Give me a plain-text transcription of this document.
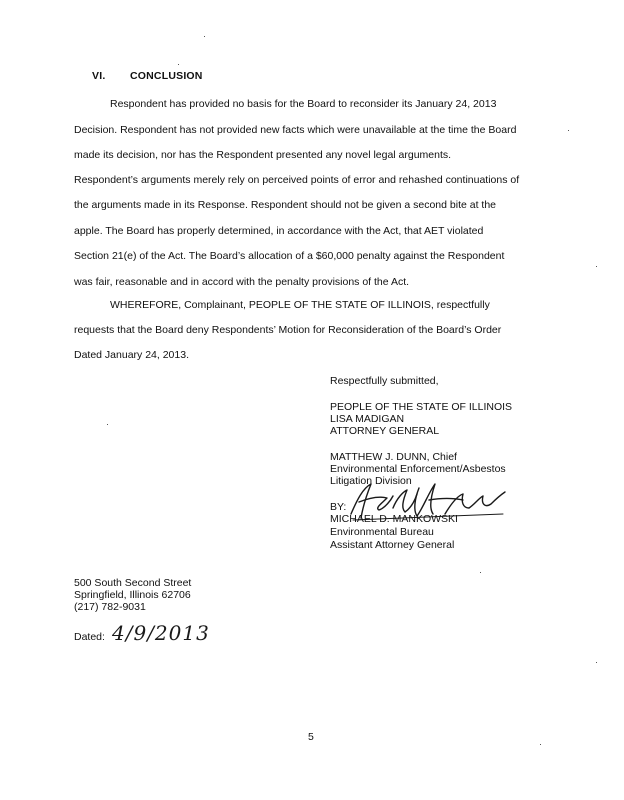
VI. CONCLUSION
Respondent has provided no basis for the Board to reconsider its January 24, 2013
Decision. Respondent has not provided new facts which were unavailable at the time the Board
made its decision, nor has the Respondent presented any novel legal arguments.
Respondent’s arguments merely rely on perceived points of error and rehashed continuations of
the arguments made in its Response. Respondent should not be given a second bite at the
apple. The Board has properly determined, in accordance with the Act, that AET violated
Section 21(e) of the Act. The Board’s allocation of a $60,000 penalty against the Respondent
was fair, reasonable and in accord with the penalty provisions of the Act.
WHEREFORE, Complainant, PEOPLE OF THE STATE OF ILLINOIS, respectfully
requests that the Board deny Respondents’ Motion for Reconsideration of the Board’s Order
Dated January 24, 2013.
Respectfully submitted,
PEOPLE OF THE STATE OF ILLINOIS
LISA MADIGAN
ATTORNEY GENERAL
MATTHEW J. DUNN, Chief
Environmental Enforcement/Asbestos
Litigation Division
BY:
MICHAEL D. MANKOWSKI
Environmental Bureau
Assistant Attorney General
500 South Second Street
Springfield, Illinois 62706
(217) 782-9031
Dated: 4/9/2013
5
